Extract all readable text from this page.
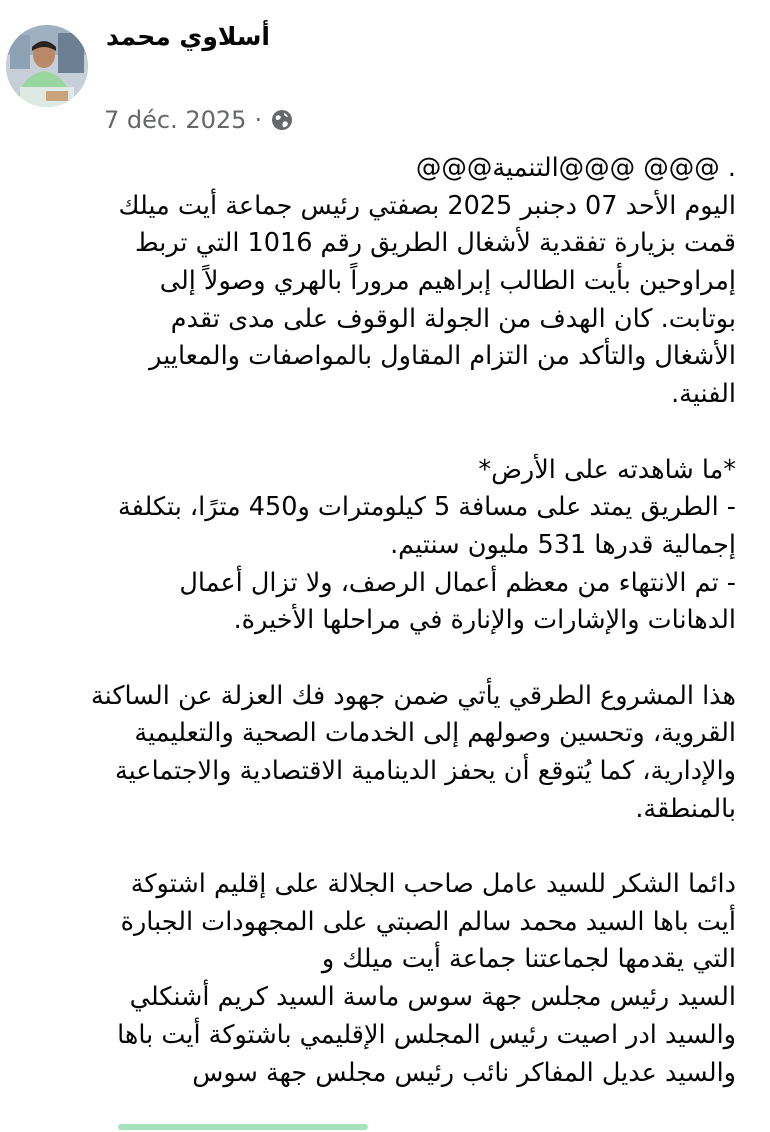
أسلاوي محمد
7 déc. 2025 ·
. @@@ @@@التنمية@@@
اليوم الأحد 07 دجنبر 2025 بصفتي رئيس جماعة أيت ميلك
قمت بزيارة تفقدية لأشغال الطريق رقم 1016 التي تربط
إمراوحين بأيت الطالب إبراهيم مروراً بالهري وصولاً إلى
بوتابت. كان الهدف من الجولة الوقوف على مدى تقدم
الأشغال والتأكد من التزام المقاول بالمواصفات والمعايير
الفنية.
*ما شاهدته على الأرض*
- الطريق يمتد على مسافة 5 كيلومترات و450 مترًا، بتكلفة
إجمالية قدرها 531 مليون سنتيم.
- تم الانتهاء من معظم أعمال الرصف، ولا تزال أعمال
الدهانات والإشارات والإنارة في مراحلها الأخيرة.
هذا المشروع الطرقي يأتي ضمن جهود فك العزلة عن الساكنة
القروية، وتحسين وصولهم إلى الخدمات الصحية والتعليمية
والإدارية، كما يُتوقع أن يحفز الدينامية الاقتصادية والاجتماعية
بالمنطقة.
دائما الشكر للسيد عامل صاحب الجلالة على إقليم اشتوكة
أيت باها السيد محمد سالم الصبتي على المجهودات الجبارة
التي يقدمها لجماعتنا جماعة أيت ميلك و
السيد رئيس مجلس جهة سوس ماسة السيد كريم أشنكلي
والسيد ادر اصيت رئيس المجلس الإقليمي باشتوكة أيت باها
والسيد عديل المفاكر نائب رئيس مجلس جهة سوس
